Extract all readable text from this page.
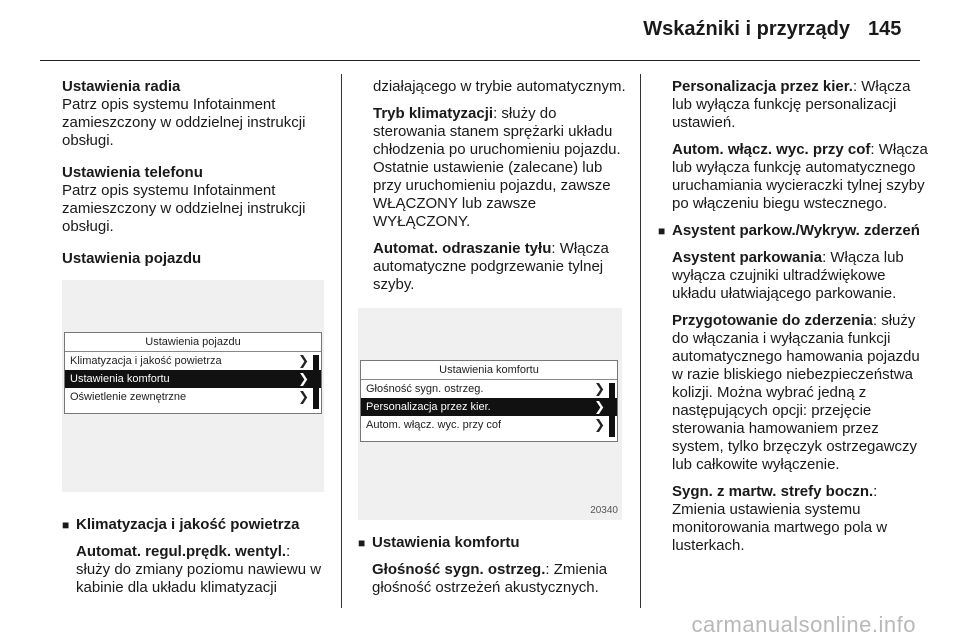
Wskaźniki i przyrządy 145

Ustawienia radia

Patrz opis systemu Infotainment zamieszczony w oddzielnej instrukcji obsługi.

Ustawienia telefonu

Patrz opis systemu Infotainment zamieszczony w oddzielnej instrukcji obsługi.

Ustawienia pojazdu

Ustawienia pojazdu
Klimatyzacja i jakość powietrza	❯
Ustawienia komfortu	❯
Oświetlenie zewnętrzne	❯

■ Klimatyzacja i jakość powietrza

Automat. regul.prędk. wentyl.: służy do zmiany poziomu nawiewu w kabinie dla układu klimatyzacji

działającego w trybie automatycznym.

Tryb klimatyzacji: służy do sterowania stanem sprężarki układu chłodzenia po uruchomieniu pojazdu. Ostatnie ustawienie (zalecane) lub przy uruchomieniu pojazdu, zawsze WŁĄCZONY lub zawsze WYŁĄCZONY.

Automat. odraszanie tyłu: Włącza automatyczne podgrzewanie tylnej szyby.

Ustawienia komfortu
Głośność sygn. ostrzeg.	❯
Personalizacja przez kier.	❯
Autom. włącz. wyc. przy cof	❯
20340

■ Ustawienia komfortu

Głośność sygn. ostrzeg.: Zmienia głośność ostrzeżeń akustycznych.

Personalizacja przez kier.: Włącza lub wyłącza funkcję personalizacji ustawień.

Autom. włącz. wyc. przy cof: Włącza lub wyłącza funkcję automatycznego uruchamiania wycieraczki tylnej szyby po włączeniu biegu wstecznego.

■ Asystent parkow./Wykryw. zderzeń

Asystent parkowania: Włącza lub wyłącza czujniki ultradźwiękowe układu ułatwiającego parkowanie.

Przygotowanie do zderzenia: służy do włączania i wyłączania funkcji automatycznego hamowania pojazdu w razie bliskiego niebezpieczeństwa kolizji. Można wybrać jedną z następujących opcji: przejęcie sterowania hamowaniem przez system, tylko brzęczyk ostrzegawczy lub całkowite wyłączenie.

Sygn. z martw. strefy boczn.: Zmienia ustawienia systemu monitorowania martwego pola w lusterkach.

carmanualsonline.info
